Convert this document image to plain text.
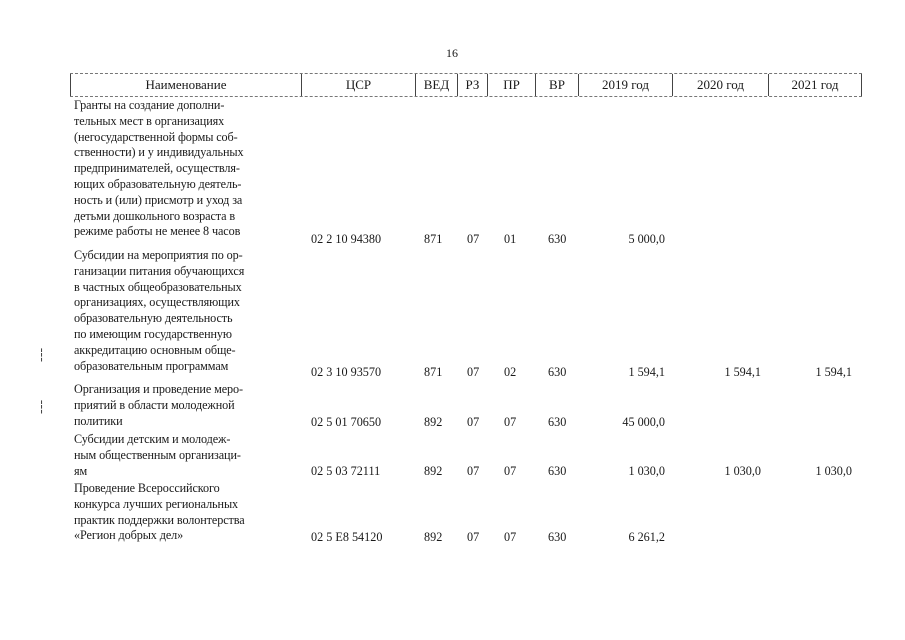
16
Наименование	ЦСР	ВЕД	РЗ	ПР	ВР	2019 год	2020 год	2021 год
Гранты на создание дополни-
тельных мест в организациях
(негосударственной формы соб-
ственности) и у индивидуальных
предпринимателей, осуществля-
ющих образовательную деятель-
ность и (или) присмотр и уход за
детьми дошкольного возраста в
режиме работы не менее 8 часов
02 2 10 94380	871 07 01	630	5 000,0
Субсидии на мероприятия по ор-
ганизации питания обучающихся
в частных общеобразовательных
организациях, осуществляющих
образовательную деятельность
по имеющим государственную
аккредитацию основным обще-
образовательным программам	02 3 10 93570	871 07 02	630	1 594,1	1 594,1	1 594,1
Организация и проведение меро-
приятий в области молодежной
политики	02 5 01 70650	892 07 07	630	45 000,0
Субсидии детским и молодеж-
ным общественным организаци-
ям	02 5 03 72111	892 07 07	630	1 030,0	1 030,0	1 030,0
Проведение Всероссийского
конкурса лучших региональных
практик поддержки волонтерства
«Регион добрых дел»	02 5 E8 54120	892 07 07	630	6 261,2
┆
┆
